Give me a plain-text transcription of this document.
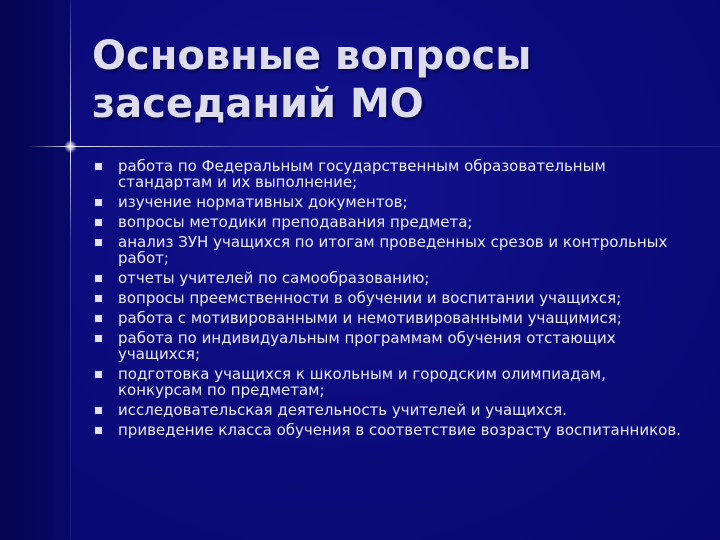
Основные вопросы
заседаний МО
работа по Федеральным государственным образовательным стандартам и их выполнение;
изучение нормативных документов;
вопросы методики преподавания предмета;
анализ ЗУН учащихся по итогам проведенных срезов и контрольных работ;
отчеты учителей по самообразованию;
вопросы преемственности в обучении и воспитании учащихся;
работа с мотивированными и немотивированными учащимися;
работа по индивидуальным программам обучения отстающих учащихся;
подготовка учащихся к школьным и городским олимпиадам, конкурсам по предметам;
исследовательская деятельность учителей и учащихся.
приведение класса обучения в соответствие возрасту воспитанников.
